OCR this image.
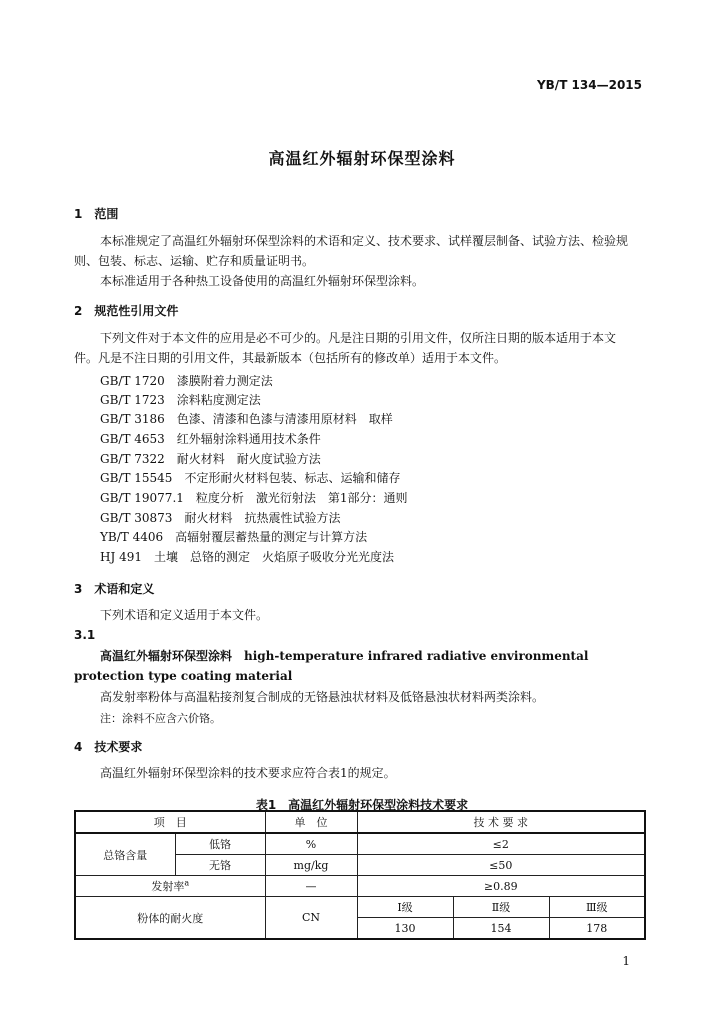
YB/T 134—2015
高温红外辐射环保型涂料
1　范围
本标准规定了高温红外辐射环保型涂料的术语和定义、技术要求、试样覆层制备、试验方法、检验规
则、包装、标志、运输、贮存和质量证明书。
本标准适用于各种热工设备使用的高温红外辐射环保型涂料。
2　规范性引用文件
下列文件对于本文件的应用是必不可少的。凡是注日期的引用文件，仅所注日期的版本适用于本文
件。凡是不注日期的引用文件，其最新版本（包括所有的修改单）适用于本文件。
GB/T 1720　漆膜附着力测定法
GB/T 1723　涂料粘度测定法
GB/T 3186　色漆、清漆和色漆与清漆用原材料　取样
GB/T 4653　红外辐射涂料通用技术条件
GB/T 7322　耐火材料　耐火度试验方法
GB/T 15545　不定形耐火材料包装、标志、运输和储存
GB/T 19077.1　粒度分析　激光衍射法　第1部分：通则
GB/T 30873　耐火材料　抗热震性试验方法
YB/T 4406　高辐射覆层蓄热量的测定与计算方法
HJ 491　土壤　总铬的测定　火焰原子吸收分光光度法
3　术语和定义
下列术语和定义适用于本文件。
3.1
高温红外辐射环保型涂料　high-temperature infrared radiative environmental protection type coating material
高发射率粉体与高温粘接剂复合制成的无铬悬浊状材料及低铬悬浊状材料两类涂料。
注：涂料不应含六价铬。
4　技术要求
高温红外辐射环保型涂料的技术要求应符合表1的规定。
表1　高温红外辐射环保型涂料技术要求
项　目		单　位	技 术 要 求		
总铬含量	低铬	%	≤2		
	无铬	mg/kg	≤50		
发射率$^a$		—	≥0.89		
粉体的耐火度		CN	Ⅰ级	Ⅱ级	Ⅲ级
			130	154	178
1
